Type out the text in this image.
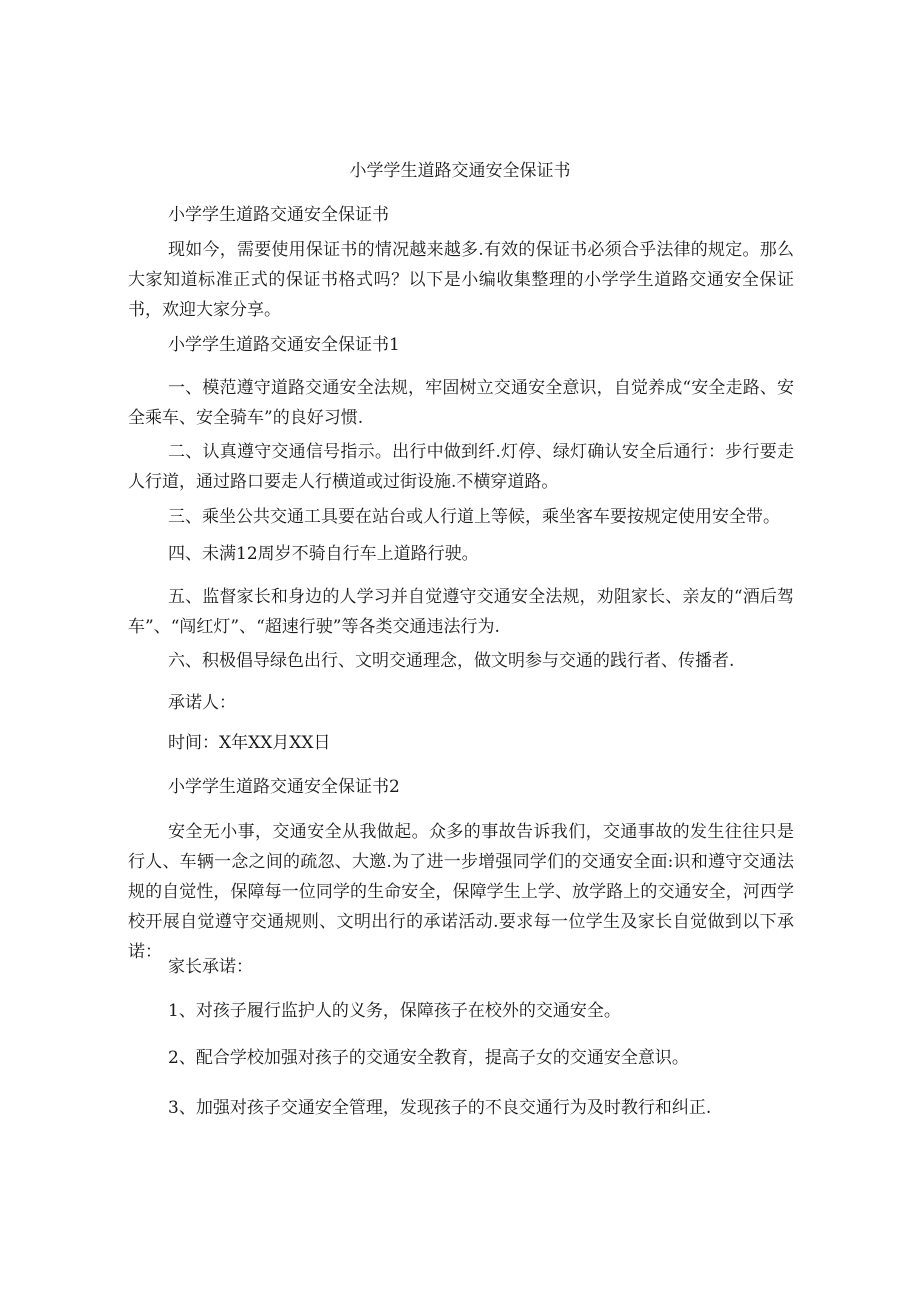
小学学生道路交通安全保证书

小学学生道路交通安全保证书

现如今，需要使用保证书的情况越来越多.有效的保证书必须合乎法律的规定。那么大家知道标准正式的保证书格式吗？以下是小编收集整理的小学学生道路交通安全保证书，欢迎大家分享。

小学学生道路交通安全保证书1

一、模范遵守道路交通安全法规，牢固树立交通安全意识，自觉养成“安全走路、安全乘车、安全骑车”的良好习惯.

二、认真遵守交通信号指示。出行中做到纤.灯停、绿灯确认安全后通行：步行要走人行道，通过路口要走人行横道或过街设施.不横穿道路。

三、乘坐公共交通工具要在站台或人行道上等候，乘坐客车要按规定使用安全带。

四、未满12周岁不骑自行车上道路行驶。

五、监督家长和身边的人学习并自觉遵守交通安全法规，劝阻家长、亲友的“酒后驾车”、“闯红灯”、“超速行驶”等各类交通违法行为.

六、积极倡导绿色出行、文明交通理念，做文明参与交通的践行者、传播者.

承诺人：

时间：X年XX月XX日

小学学生道路交通安全保证书2

安全无小事，交通安全从我做起。众多的事故告诉我们，交通事故的发生往往只是行人、车辆一念之间的疏忽、大邀.为了进一步增强同学们的交通安全面:识和遵守交通法规的自觉性，保障每一位同学的生命安全，保障学生上学、放学路上的交通安全，河西学校开展自觉遵守交通规则、文明出行的承诺活动.要求每一位学生及家长自觉做到以下承诺：

家长承诺：

1、对孩子履行监护人的义务，保障孩子在校外的交通安全。

2、配合学校加强对孩子的交通安全教育，提高子女的交通安全意识。

3、加强对孩子交通安全管理，发现孩子的不良交通行为及时教行和纠正.
